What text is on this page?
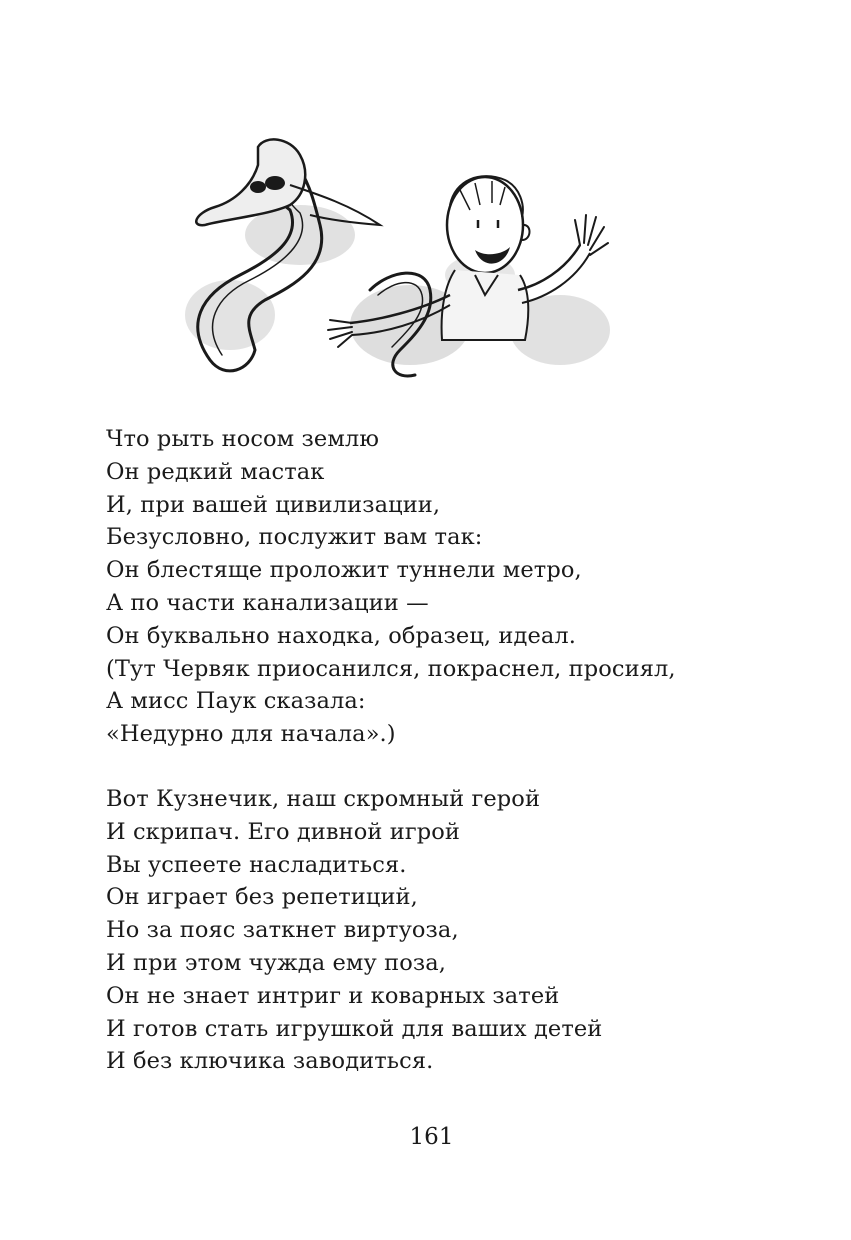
Что рыть носом землю
Он редкий мастак
И, при вашей цивилизации,
Безусловно, послужит вам так:
Он блестяще проложит туннели метро,
А по части канализации —
Он буквально находка, образец, идеал.
(Тут Червяк приосанился, покраснел, просиял,
А мисс Паук сказала:
«Недурно для начала».)
Вот Кузнечик, наш скромный герой
И скрипач. Его дивной игрой
Вы успеете насладиться.
Он играет без репетиций,
Но за пояс заткнет виртуоза,
И при этом чужда ему поза,
Он не знает интриг и коварных затей
И готов стать игрушкой для ваших детей
И без ключика заводиться.
161
